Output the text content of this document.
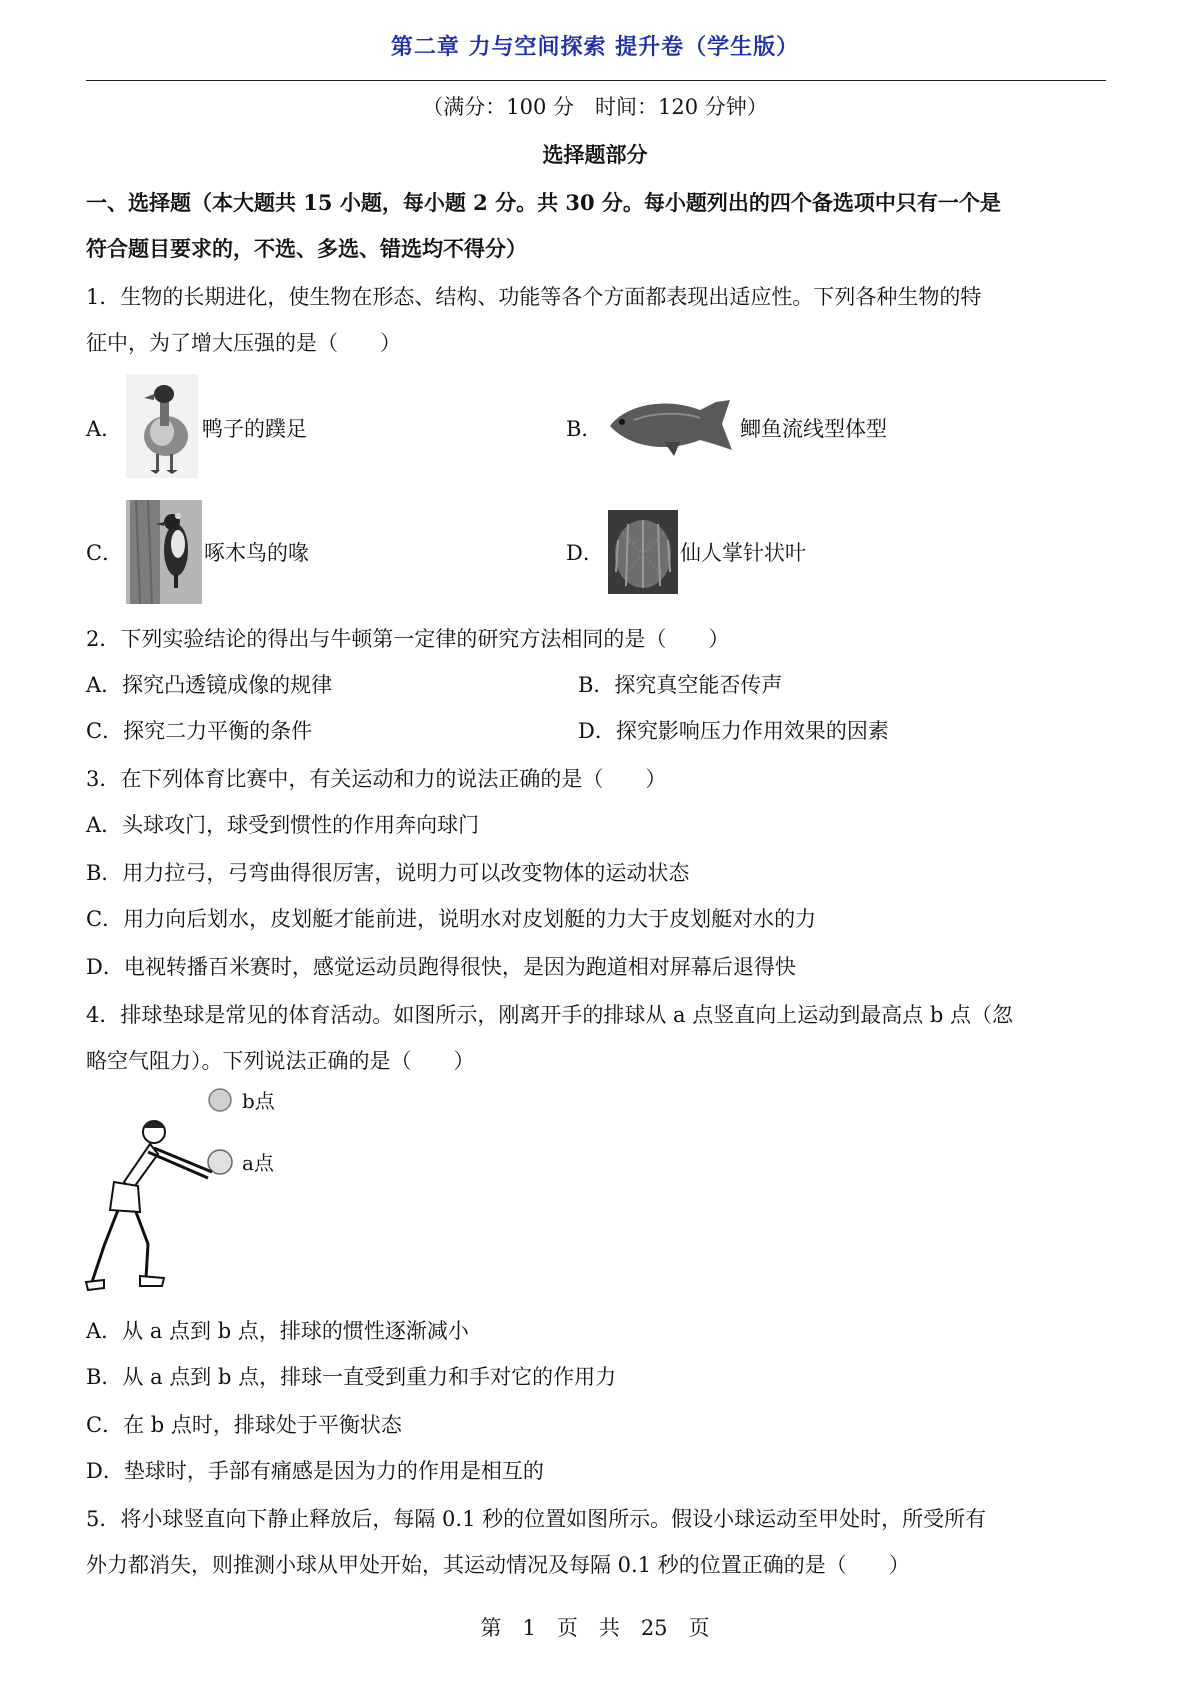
第二章 力与空间探索 提升卷（学生版）
（满分：100 分　时间：120 分钟）
选择题部分
一、选择题（本大题共 15 小题，每小题 2 分。共 30 分。每小题列出的四个备选项中只有一个是
符合题目要求的，不选、多选、错选均不得分）
1．生物的长期进化，使生物在形态、结构、功能等各个方面都表现出适应性。下列各种生物的特
征中，为了增大压强的是（　　）
A．	鸭子的蹼足	B．	鲫鱼流线型体型
C．	啄木鸟的喙	D．	仙人掌针状叶
2．下列实验结论的得出与牛顿第一定律的研究方法相同的是（　　）
A．探究凸透镜成像的规律	B．探究真空能否传声
C．探究二力平衡的条件	D．探究影响压力作用效果的因素
3．在下列体育比赛中，有关运动和力的说法正确的是（　　）
A．头球攻门，球受到惯性的作用奔向球门
B．用力拉弓，弓弯曲得很厉害，说明力可以改变物体的运动状态
C．用力向后划水，皮划艇才能前进，说明水对皮划艇的力大于皮划艇对水的力
D．电视转播百米赛时，感觉运动员跑得很快，是因为跑道相对屏幕后退得快
4．排球垫球是常见的体育活动。如图所示，刚离开手的排球从 a 点竖直向上运动到最高点 b 点（忽
略空气阻力）。下列说法正确的是（　　）
b点
a点
A．从 a 点到 b 点，排球的惯性逐渐减小
B．从 a 点到 b 点，排球一直受到重力和手对它的作用力
C．在 b 点时，排球处于平衡状态
D．垫球时，手部有痛感是因为力的作用是相互的
5．将小球竖直向下静止释放后，每隔 0.1 秒的位置如图所示。假设小球运动至甲处时，所受所有
外力都消失，则推测小球从甲处开始，其运动情况及每隔 0.1 秒的位置正确的是（　　）
第　1　页　共　25　页
